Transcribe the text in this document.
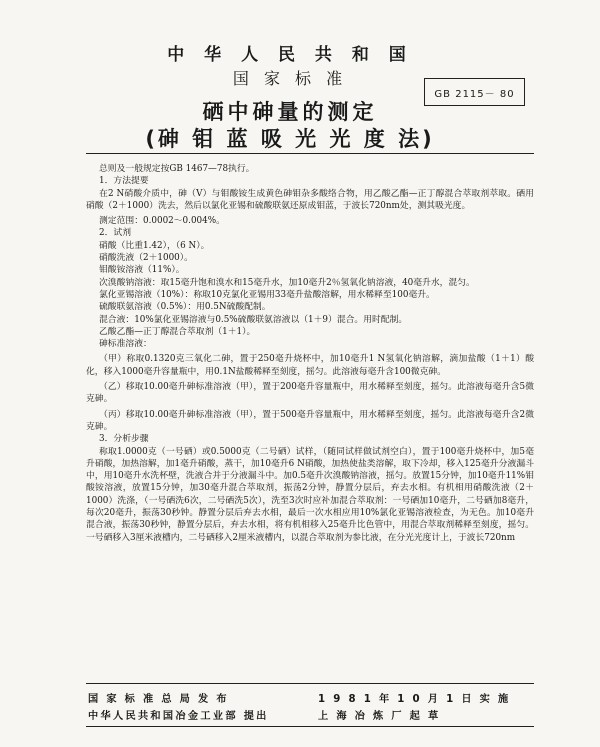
中 华 人 民 共 和 国
国 家 标 准
硒中砷量的测定
(砷 钼 蓝 吸 光 光 度 法)
GB 2115－ 80

总则及一般规定按GB 1467—78执行。

1．方法提要

在2 N硝酸介质中，砷（Ⅴ）与钼酸铵生成黄色砷钼杂多酸络合物，用乙酸乙酯—正丁醇混合萃取剂萃取。硒用硝酸（2＋1000）洗去，然后以氯化亚锡和硫酸联氨还原成钼蓝，于波长720nm处，测其吸光度。

测定范围：0.0002～0.004%。

2．试剂

硝酸（比重1.42），（6 N）。

硝酸洗液（2＋1000）。

钼酸铵溶液（11%）。

次溴酸钠溶液：取15毫升饱和溴水和15毫升水，加10毫升2％氢氧化钠溶液，40毫升水，混匀。

氯化亚锡溶液（10%）：称取10克氯化亚锡用33毫升盐酸溶解，用水稀释至100毫升。

硫酸联氨溶液（0.5%）：用0.5N硫酸配制。

混合液：10%氯化亚锡溶液与0.5%硫酸联氨溶液以（1＋9）混合。用时配制。

乙酸乙酯—正丁醇混合萃取剂（1＋1）。

砷标准溶液：

（甲）称取0.1320克三氧化二砷，置于250毫升烧杯中，加10毫升1 N氢氧化钠溶解，滴加盐酸（1＋1）酸化，移入1000毫升容量瓶中，用0.1N盐酸稀释至刻度，摇匀。此溶液每毫升含100微克砷。

（乙）移取10.00毫升砷标准溶液（甲），置于200毫升容量瓶中，用水稀释至刻度，摇匀。此溶液每毫升含5微克砷。

（丙）移取10.00毫升砷标准溶液（甲），置于500毫升容量瓶中，用水稀释至刻度，摇匀。此溶液每毫升含2微克砷。

3．分析步骤

称取1.0000克（一号硒）或0.5000克（二号硒）试样，（随同试样做试剂空白），置于100毫升烧杯中，加5毫升硝酸，加热溶解，加1毫升硝酸，蒸干，加10毫升6 N硝酸，加热使盐类溶解，取下冷却，移入125毫升分液漏斗中，用10毫升水洗杯壁，洗液合并于分液漏斗中。加0.5毫升次溴酸钠溶液，摇匀。放置15分钟，加10毫升11%钼酸铵溶液，放置15分钟，加30毫升混合萃取剂，振荡2分钟，静置分层后，弃去水相。有机相用硝酸洗液（2＋1000）洗涤，（一号硒洗6次，二号硒洗5次），洗至3次时应补加混合萃取剂：一号硒加10毫升，二号硒加8毫升，每次20毫升，振荡30秒钟。静置分层后弃去水相，最后一次水相应用10%氯化亚锡溶液检查，为无色。加10毫升混合液，振荡30秒钟，静置分层后，弃去水相，将有机相移入25毫升比色管中，用混合萃取剂稀释至刻度，摇匀。一号硒移入3厘米液槽内，二号硒移入2厘米液槽内，以混合萃取剂为参比液，在分光光度计上，于波长720nm

国 家 标 准 总 局 发 布
中华人民共和国冶金工业部 提出
1 9 8 1 年 1 0 月 1 日 实 施
上 海 冶 炼 厂 起 草
